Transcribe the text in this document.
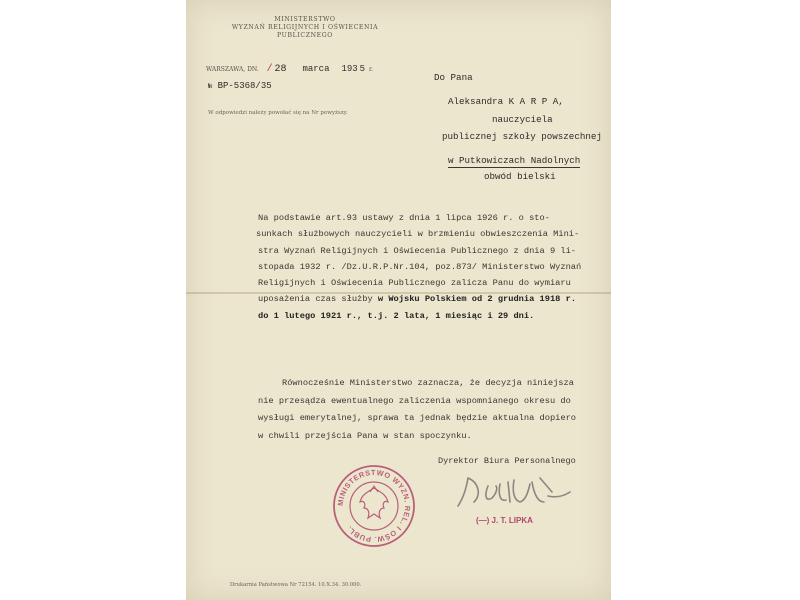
MINISTERSTWO
WYZNAŃ RELIGIJNYCH I OŚWIECENIA
PUBLICZNEGO
WARSZAWA, DN. / 28 marca 193 5 r.
№ BP-5368/35
W odpowiedzi należy powołać się na Nr powyższy.
Do Pana
Aleksandra K A R P A,
nauczyciela
publicznej szkoły powszechnej
w Putkowiczach Nadolnych
obwód bielski
Na podstawie art.93 ustawy z dnia 1 lipca 1926 r. o sto-
sunkach służbowych nauczycieli w brzmieniu obwieszczenia Mini-
stra Wyznań Religijnych i Oświecenia Publicznego z dnia 9 li-
stopada 1932 r. /Dz.U.R.P.Nr.104, poz.873/ Ministerstwo Wyznań
Religijnych i Oświecenia Publicznego zalicza Panu do wymiaru
uposażenia czas służby w Wojsku Polskiem od 2 grudnia 1918 r.
do 1 lutego 1921 r., t.j. 2 lata, 1 miesiąc i 29 dni.
Równocześnie Ministerstwo zaznacza, że decyzja niniejsza
nie przesądza ewentualnego zaliczenia wspomnianego okresu do
wysługi emerytalnej, sprawa ta jednak będzie aktualna dopiero
w chwili przejścia Pana w stan spoczynku.
Dyrektor Biura Personalnego
(—) J. T. LIPKA
MINISTERSTWO WYZN. REL. I OŚW. PUBL.
Drukarnia Państwowa Nr 72154. 10.X.34. 30.000.
